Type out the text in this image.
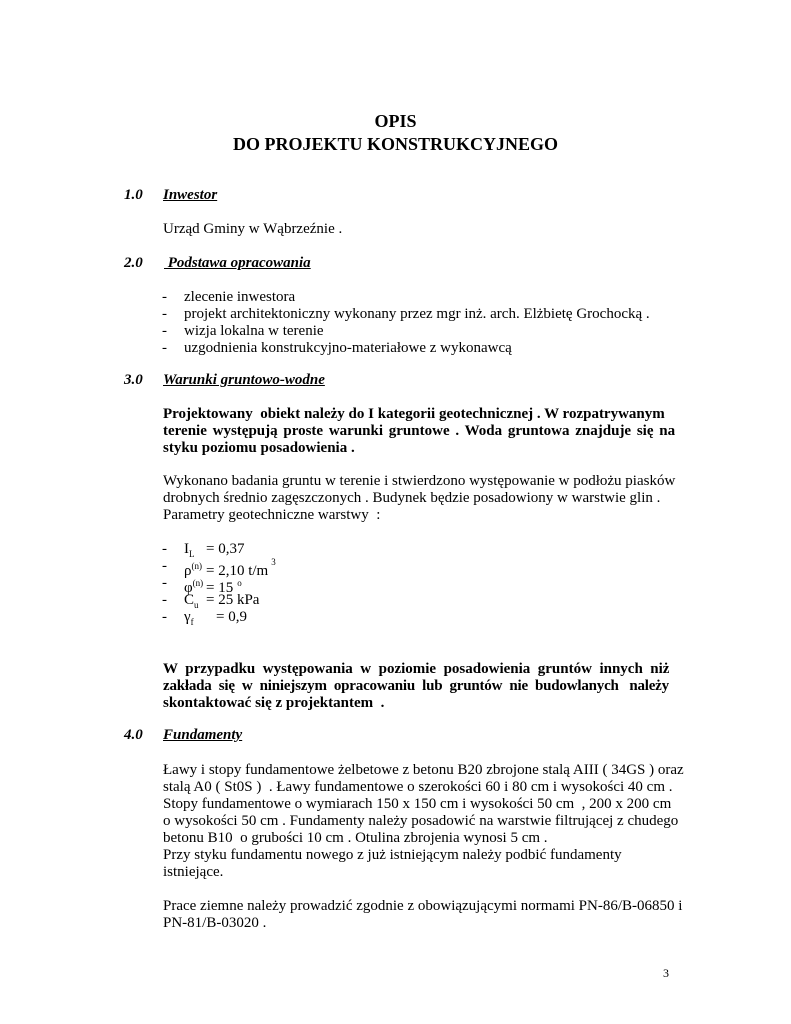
OPIS
DO PROJEKTU KONSTRUKCYJNEGO
1.0 Inwestor
Urząd Gminy w Wąbrzeźnie .
2.0 Podstawa opracowania
- zlecenie inwestora
- projekt architektoniczny wykonany przez mgr inż. arch. Elżbietę Grochocką .
- wizja lokalna w terenie
- uzgodnienia konstrukcyjno-materiałowe z wykonawcą
3.0 Warunki gruntowo-wodne
Projektowany  obiekt należy do I kategorii geotechnicznej . W rozpatrywanym
terenie występują proste warunki gruntowe . Woda gruntowa znajduje się na
styku poziomu posadowienia .
Wykonano badania gruntu w terenie i stwierdzono występowanie w podłożu piasków
drobnych średnio zagęszczonych . Budynek będzie posadowiony w warstwie glin .
Parametry geotechniczne warstwy  :
- $I_L = 0,37$
- $\rho^{(n)} = 2,10$ $t/m^3$
- $\varphi^{(n)} = 15$ $^o$
- $C_u = 25$ kPa
- $\gamma_f = 0,9$
W  przypadku  występowania  w  poziomie  posadowienia  gruntów  innych  niż
zakłada  się  w  niniejszym  opracowaniu  lub  gruntów  nie  budowlanych   należy
skontaktować się z projektantem  .
4.0 Fundamenty
Ławy i stopy fundamentowe żelbetowe z betonu B20 zbrojone stalą AIII ( 34GS ) oraz
stalą A0 ( St0S )  . Ławy fundamentowe o szerokości 60 i 80 cm i wysokości 40 cm .
Stopy fundamentowe o wymiarach 150 x 150 cm i wysokości 50 cm  , 200 x 200 cm
o wysokości 50 cm . Fundamenty należy posadowić na warstwie filtrującej z chudego
betonu B10  o grubości 10 cm . Otulina zbrojenia wynosi 5 cm .
Przy styku fundamentu nowego z już istniejącym należy podbić fundamenty
istniejące.
Prace ziemne należy prowadzić zgodnie z obowiązującymi normami PN-86/B-06850 i
PN-81/B-03020 .
3
